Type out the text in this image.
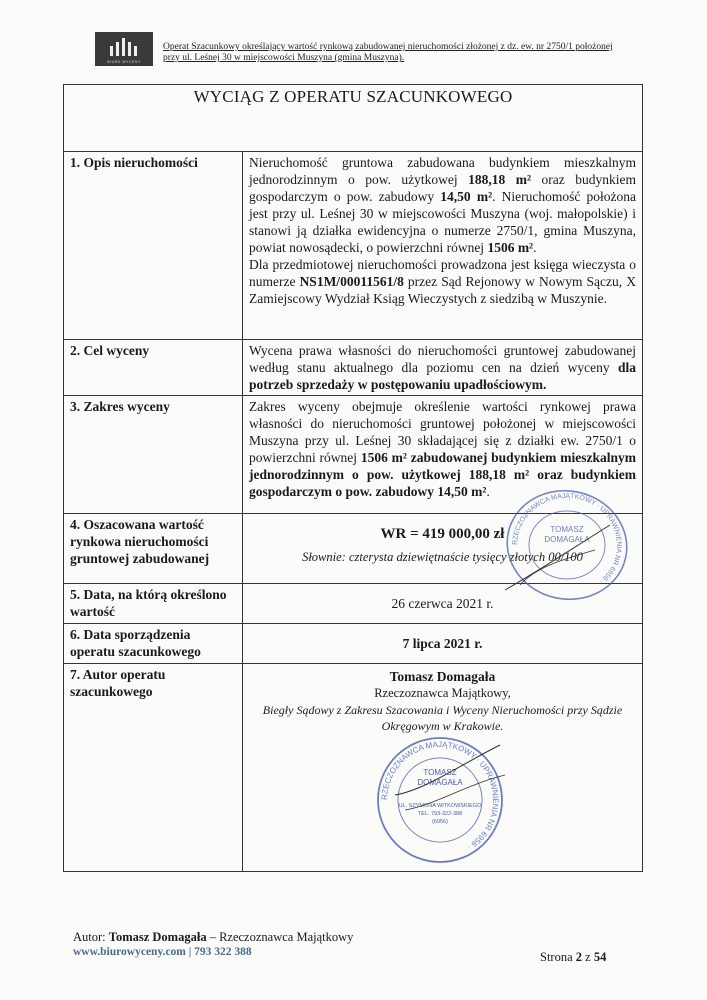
BIURO WYCENY
Operat Szacunkowy określający wartość rynkową zabudowanej nieruchomości złożonej z dz. ew. nr 2750/1 położonej
przy ul. Leśnej 30 w miejscowości Muszyna (gmina Muszyna).
WYCIĄG Z OPERATU SZACUNKOWEGO	
1. Opis nieruchomości	Nieruchomość gruntowa zabudowana budynkiem mieszkalnym jednorodzinnym o pow. użytkowej 188,18 m² oraz budynkiem gospodarczym o pow. zabudowy 14,50 m². Nieruchomość położona jest przy ul. Leśnej 30 w miejscowości Muszyna (woj. małopolskie) i stanowi ją działka ewidencyjna o numerze 2750/1, gmina Muszyna, powiat nowosądecki, o powierzchni równej 1506 m².
Dla przedmiotowej nieruchomości prowadzona jest księga wieczysta o numerze NS1M/00011561/8 przez Sąd Rejonowy w Nowym Sączu, X Zamiejscowy Wydział Ksiąg Wieczystych z siedzibą w Muszynie.
2. Cel wyceny	Wycena prawa własności do nieruchomości gruntowej zabudowanej według stanu aktualnego dla poziomu cen na dzień wyceny dla potrzeb sprzedaży w postępowaniu upadłościowym.
3. Zakres wyceny	Zakres wyceny obejmuje określenie wartości rynkowej prawa własności do nieruchomości gruntowej położonej w miejscowości Muszyna przy ul. Leśnej 30 składającej się z działki ew. 2750/1 o powierzchni równej 1506 m² zabudowanej budynkiem mieszkalnym jednorodzinnym o pow. użytkowej 188,18 m² oraz budynkiem gospodarczym o pow. zabudowy 14,50 m².
4. Oszacowana wartość rynkowa nieruchomości gruntowej zabudowanej	WR = 419 000,00 zł
Słownie: czterysta dziewiętnaście tysięcy złotych 00/100

5. Data, na którą określono wartość	26 czerwca 2021 r.
6. Data sporządzenia operatu szacunkowego	7 lipca 2021 r.
7. Autor operatu szacunkowego	Tomasz Domagała
Rzeczoznawca Majątkowy,
Biegły Sądowy z Zakresu Szacowania i Wyceny Nieruchomości przy Sądzie Okręgowym w Krakowie.
RZECZOZNAWCA MAJĄTKOWY · UPRAWNIENIA NR 6956 ·
TOMASZ
DOMAGAŁA
RZECZOZNAWCA MAJĄTKOWY · UPRAWNIENIA NR 6956 ·
TOMASZ
DOMAGAŁA
UL. SZYMONA WITKOWSKIEGO
TEL. 793-322-388
(6956)
Autor: Tomasz Domagała – Rzeczoznawca Majątkowy
www.biurowyceny.com | 793 322 388	Strona 2 z 54
